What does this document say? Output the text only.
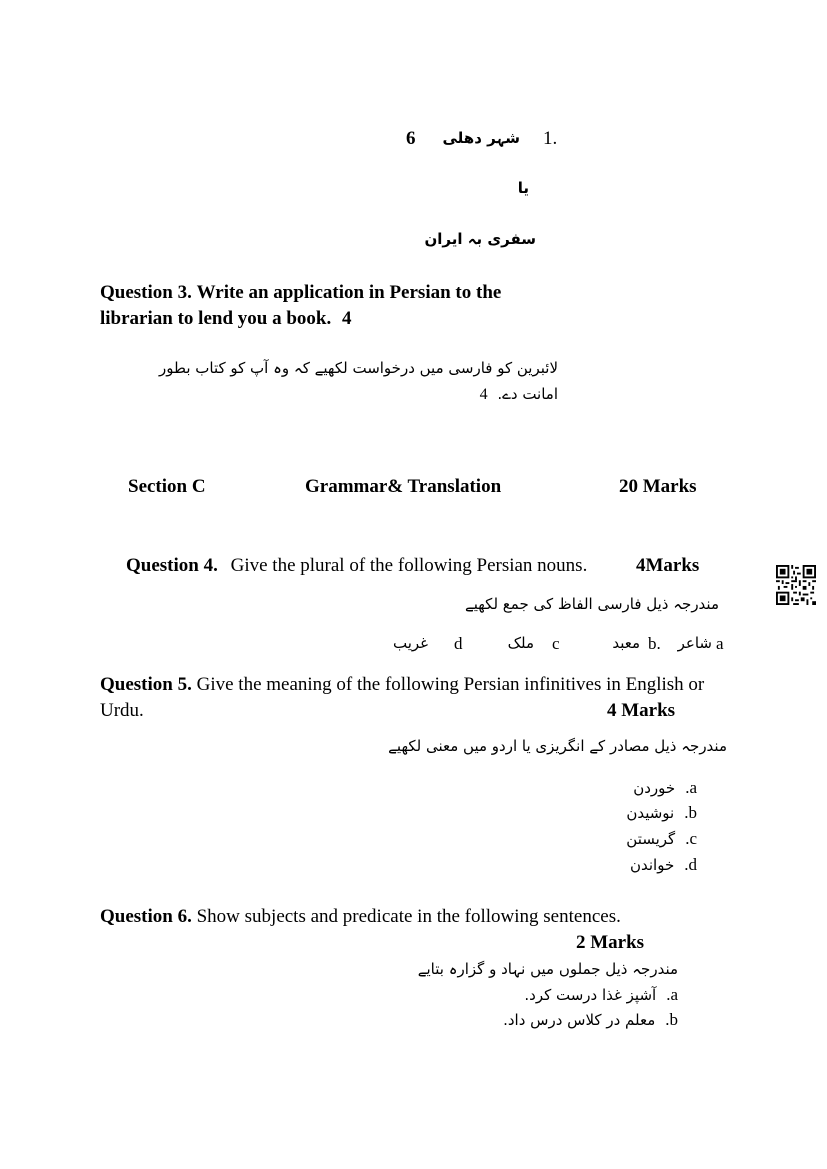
6 شہر دھلی 1.
یا
سفری بہ ایران
Question 3. Write an application in Persian to the
librarian to lend you a book. 4
لائبرین کو فارسی میں درخواست لکھیے کہ وہ آپ کو کتاب بطور
4 امانت دے.
Section C	Grammar& Translation	20 Marks
Question 4. Give the plural of the following Persian nouns.	4Marks
مندرجہ ذیل فارسی الفاظ کی جمع لکھیے
a
شاعر
b.
معبد
c
ملک
d
غریب
Question 5. Give the meaning of the following Persian infinitives in English or
Urdu.	4 Marks
مندرجہ ذیل مصادر کے انگریزی یا اردو میں معنی لکھیے
خوردن .a
نوشیدن .b
گریستن .c
خواندن .d
Question 6. Show subjects and predicate in the following sentences.
2 Marks
مندرجہ ذیل جملوں میں نہاد و گزارہ بتایے
آشپز غذا درست کرد. .a
معلم در کلاس درس داد. .b
